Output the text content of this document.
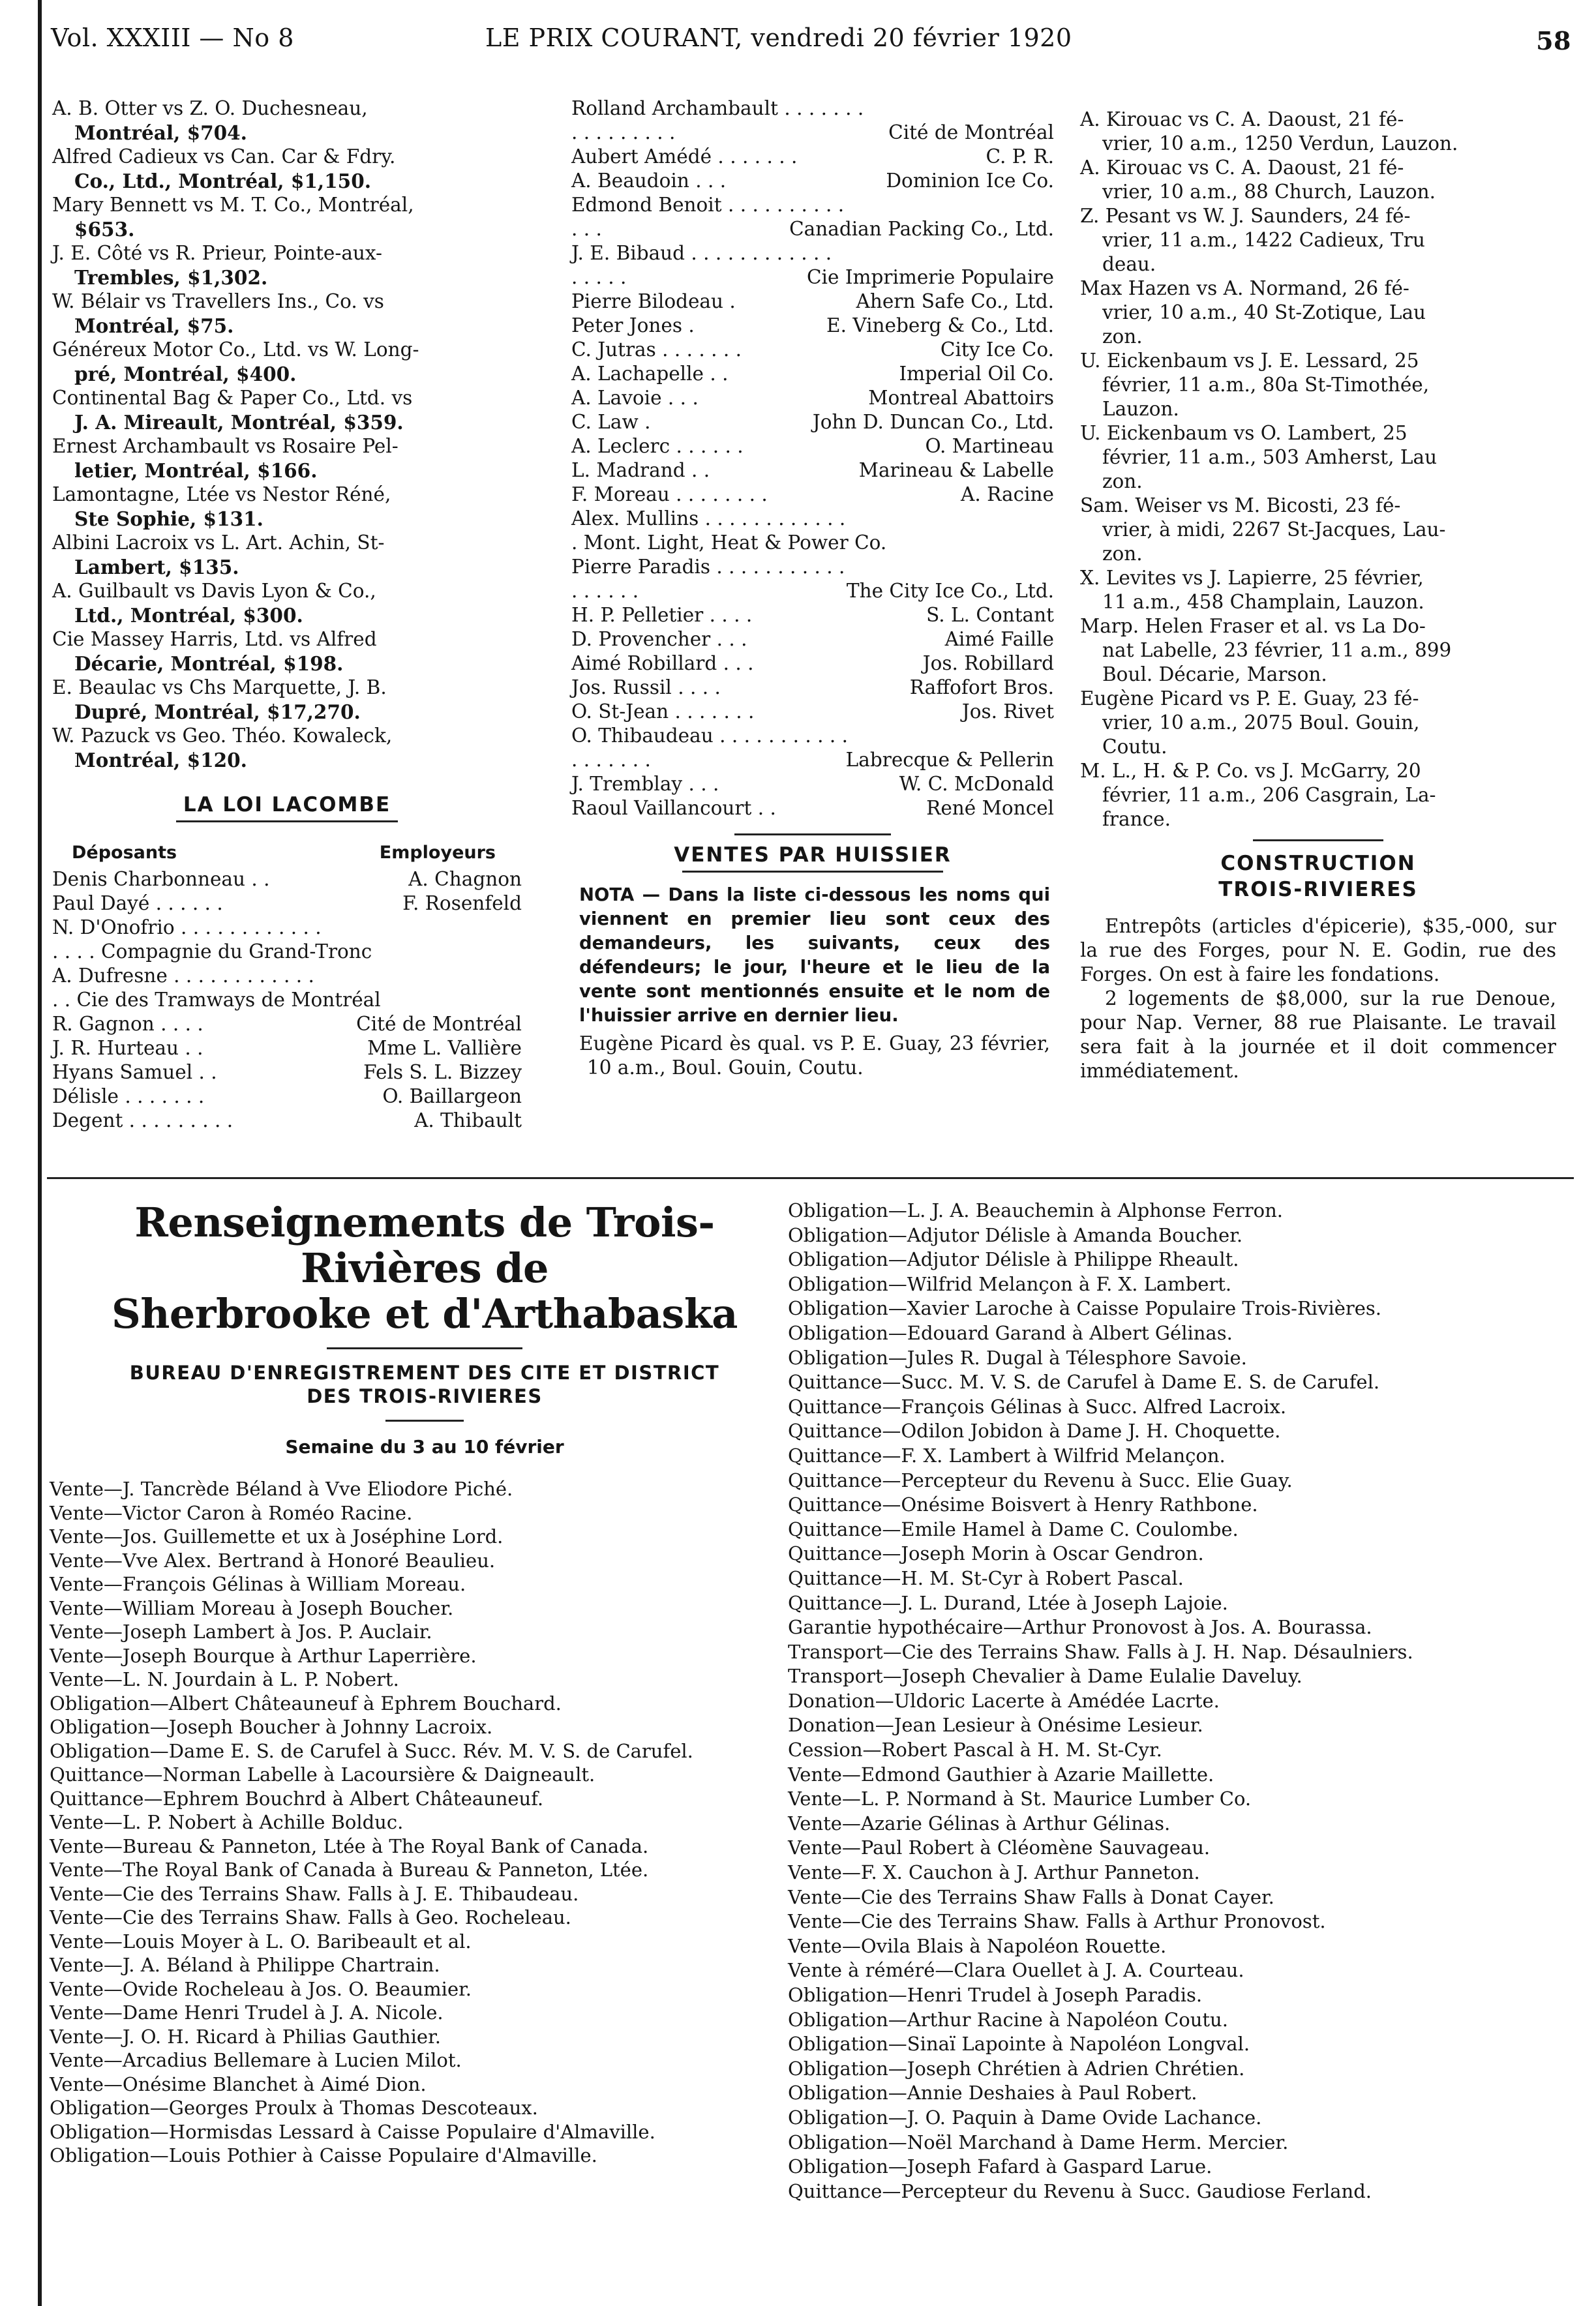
Vol. XXXIII — No 8	LE PRIX COURANT, vendredi 20 février 1920	58
A. B. Otter vs Z. O. Duchesneau,
Montréal, $704.
Alfred Cadieux vs Can. Car & Fdry.
Co., Ltd., Montréal, $1,150.
Mary Bennett vs M. T. Co., Montréal,
$653.
J. E. Côté vs R. Prieur, Pointe-aux-
Trembles, $1,302.
W. Bélair vs Travellers Ins., Co. vs
Montréal, $75.
Généreux Motor Co., Ltd. vs W. Long-
pré, Montréal, $400.
Continental Bag & Paper Co., Ltd. vs
J. A. Mireault, Montréal, $359.
Ernest Archambault vs Rosaire Pel-
letier, Montréal, $166.
Lamontagne, Ltée vs Nestor Réné,
Ste Sophie, $131.
Albini Lacroix vs L. Art. Achin, St-
Lambert, $135.
A. Guilbault vs Davis Lyon & Co.,
Ltd., Montréal, $300.
Cie Massey Harris, Ltd. vs Alfred
Décarie, Montréal, $198.
E. Beaulac vs Chs Marquette, J. B.
Dupré, Montréal, $17,270.
W. Pazuck vs Geo. Théo. Kowaleck,
Montréal, $120.
LA LOI LACOMBE
Déposants	Employeurs
Denis Charbonneau . .	A. Chagnon
Paul Dayé . . . . . .	F. Rosenfeld
N. D'Onofrio . . . . . . . . . . . .
. . . . Compagnie du Grand-Tronc
A. Dufresne . . . . . . . . . . . .
. . Cie des Tramways de Montréal
R. Gagnon . . . .	Cité de Montréal
J. R. Hurteau . .	Mme L. Vallière
Hyans Samuel . .	Fels S. L. Bizzey
Délisle . . . . . . .	O. Baillargeon
Degent . . . . . . . . .	A. Thibault
Rolland Archambault . . . . . . .
. . . . . . . . .	Cité de Montréal
Aubert Amédé . . . . . . .	C. P. R.
A. Beaudoin . . .	Dominion Ice Co.
Edmond Benoit . . . . . . . . . .
. . .	Canadian Packing Co., Ltd.
J. E. Bibaud . . . . . . . . . . . .
. . . . .	Cie Imprimerie Populaire
Pierre Bilodeau .	Ahern Safe Co., Ltd.
Peter Jones .	E. Vineberg & Co., Ltd.
C. Jutras . . . . . . .	City Ice Co.
A. Lachapelle . .	Imperial Oil Co.
A. Lavoie . . .	Montreal Abattoirs
C. Law .	John D. Duncan Co., Ltd.
A. Leclerc . . . . . .	O. Martineau
L. Madrand . .	Marineau & Labelle
F. Moreau . . . . . . . .	A. Racine
Alex. Mullins . . . . . . . . . . . .
. Mont. Light, Heat & Power Co.
Pierre Paradis . . . . . . . . . . .
. . . . . .	The City Ice Co., Ltd.
H. P. Pelletier . . . .	S. L. Contant
D. Provencher . . .	Aimé Faille
Aimé Robillard . . .	Jos. Robillard
Jos. Russil . . . .	Raffofort Bros.
O. St-Jean . . . . . . .	Jos. Rivet
O. Thibaudeau . . . . . . . . . . .
. . . . . . .	Labrecque & Pellerin
J. Tremblay . . .	W. C. McDonald
Raoul Vaillancourt . .	René Moncel
VENTES PAR HUISSIER
NOTA — Dans la liste ci-dessous les noms qui viennent en premier lieu sont ceux des demandeurs, les suivants, ceux des défendeurs; le jour, l'heure et le lieu de la vente sont mentionnés ensuite et le nom de l'huissier arrive en dernier lieu.
Eugène Picard ès qual. vs P. E. Guay, 23 février, 10 a.m., Boul. Gouin, Coutu.
A. Kirouac vs C. A. Daoust, 21 fé-
vrier, 10 a.m., 1250 Verdun, Lauzon.
A. Kirouac vs C. A. Daoust, 21 fé-
vrier, 10 a.m., 88 Church, Lauzon.
Z. Pesant vs W. J. Saunders, 24 fé-
vrier, 11 a.m., 1422 Cadieux, Tru
deau.
Max Hazen vs A. Normand, 26 fé-
vrier, 10 a.m., 40 St-Zotique, Lau
zon.
U. Eickenbaum vs J. E. Lessard, 25
février, 11 a.m., 80a St-Timothée,
Lauzon.
U. Eickenbaum vs O. Lambert, 25
février, 11 a.m., 503 Amherst, Lau
zon.
Sam. Weiser vs M. Bicosti, 23 fé-
vrier, à midi, 2267 St-Jacques, Lau-
zon.
X. Levites vs J. Lapierre, 25 février,
11 a.m., 458 Champlain, Lauzon.
Marp. Helen Fraser et al. vs La Do-
nat Labelle, 23 février, 11 a.m., 899
Boul. Décarie, Marson.
Eugène Picard vs P. E. Guay, 23 fé-
vrier, 10 a.m., 2075 Boul. Gouin,
Coutu.
M. L., H. & P. Co. vs J. McGarry, 20
février, 11 a.m., 206 Casgrain, La-
france.
CONSTRUCTION
TROIS-RIVIERES
Entrepôts (articles d'épicerie), $35,-000, sur la rue des Forges, pour N. E. Godin, rue des Forges. On est à faire les fondations.
2 logements de $8,000, sur la rue Denoue, pour Nap. Verner, 88 rue Plaisante. Le travail sera fait à la journée et il doit commencer immédiatement.
Renseignements de Trois-Rivières de
Sherbrooke et d'Arthabaska
BUREAU D'ENREGISTREMENT DES CITE ET DISTRICT
DES TROIS-RIVIERES
Semaine du 3 au 10 février
Vente—J. Tancrède Béland à Vve Eliodore Piché.
Vente—Victor Caron à Roméo Racine.
Vente—Jos. Guillemette et ux à Joséphine Lord.
Vente—Vve Alex. Bertrand à Honoré Beaulieu.
Vente—François Gélinas à William Moreau.
Vente—William Moreau à Joseph Boucher.
Vente—Joseph Lambert à Jos. P. Auclair.
Vente—Joseph Bourque à Arthur Laperrière.
Vente—L. N. Jourdain à L. P. Nobert.
Obligation—Albert Châteauneuf à Ephrem Bouchard.
Obligation—Joseph Boucher à Johnny Lacroix.
Obligation—Dame E. S. de Carufel à Succ. Rév. M. V. S. de Carufel.
Quittance—Norman Labelle à Lacoursière & Daigneault.
Quittance—Ephrem Bouchrd à Albert Châteauneuf.
Vente—L. P. Nobert à Achille Bolduc.
Vente—Bureau & Panneton, Ltée à The Royal Bank of Canada.
Vente—The Royal Bank of Canada à Bureau & Panneton, Ltée.
Vente—Cie des Terrains Shaw. Falls à J. E. Thibaudeau.
Vente—Cie des Terrains Shaw. Falls à Geo. Rocheleau.
Vente—Louis Moyer à L. O. Baribeault et al.
Vente—J. A. Béland à Philippe Chartrain.
Vente—Ovide Rocheleau à Jos. O. Beaumier.
Vente—Dame Henri Trudel à J. A. Nicole.
Vente—J. O. H. Ricard à Philias Gauthier.
Vente—Arcadius Bellemare à Lucien Milot.
Vente—Onésime Blanchet à Aimé Dion.
Obligation—Georges Proulx à Thomas Descoteaux.
Obligation—Hormisdas Lessard à Caisse Populaire d'Almaville.
Obligation—Louis Pothier à Caisse Populaire d'Almaville.
Obligation—L. J. A. Beauchemin à Alphonse Ferron.
Obligation—Adjutor Délisle à Amanda Boucher.
Obligation—Adjutor Délisle à Philippe Rheault.
Obligation—Wilfrid Melançon à F. X. Lambert.
Obligation—Xavier Laroche à Caisse Populaire Trois-Rivières.
Obligation—Edouard Garand à Albert Gélinas.
Obligation—Jules R. Dugal à Télesphore Savoie.
Quittance—Succ. M. V. S. de Carufel à Dame E. S. de Carufel.
Quittance—François Gélinas à Succ. Alfred Lacroix.
Quittance—Odilon Jobidon à Dame J. H. Choquette.
Quittance—F. X. Lambert à Wilfrid Melançon.
Quittance—Percepteur du Revenu à Succ. Elie Guay.
Quittance—Onésime Boisvert à Henry Rathbone.
Quittance—Emile Hamel à Dame C. Coulombe.
Quittance—Joseph Morin à Oscar Gendron.
Quittance—H. M. St-Cyr à Robert Pascal.
Quittance—J. L. Durand, Ltée à Joseph Lajoie.
Garantie hypothécaire—Arthur Pronovost à Jos. A. Bourassa.
Transport—Cie des Terrains Shaw. Falls à J. H. Nap. Désaulniers.
Transport—Joseph Chevalier à Dame Eulalie Daveluy.
Donation—Uldoric Lacerte à Amédée Lacrte.
Donation—Jean Lesieur à Onésime Lesieur.
Cession—Robert Pascal à H. M. St-Cyr.
Vente—Edmond Gauthier à Azarie Maillette.
Vente—L. P. Normand à St. Maurice Lumber Co.
Vente—Azarie Gélinas à Arthur Gélinas.
Vente—Paul Robert à Cléomène Sauvageau.
Vente—F. X. Cauchon à J. Arthur Panneton.
Vente—Cie des Terrains Shaw Falls à Donat Cayer.
Vente—Cie des Terrains Shaw. Falls à Arthur Pronovost.
Vente—Ovila Blais à Napoléon Rouette.
Vente à réméré—Clara Ouellet à J. A. Courteau.
Obligation—Henri Trudel à Joseph Paradis.
Obligation—Arthur Racine à Napoléon Coutu.
Obligation—Sinaï Lapointe à Napoléon Longval.
Obligation—Joseph Chrétien à Adrien Chrétien.
Obligation—Annie Deshaies à Paul Robert.
Obligation—J. O. Paquin à Dame Ovide Lachance.
Obligation—Noël Marchand à Dame Herm. Mercier.
Obligation—Joseph Fafard à Gaspard Larue.
Quittance—Percepteur du Revenu à Succ. Gaudiose Ferland.
